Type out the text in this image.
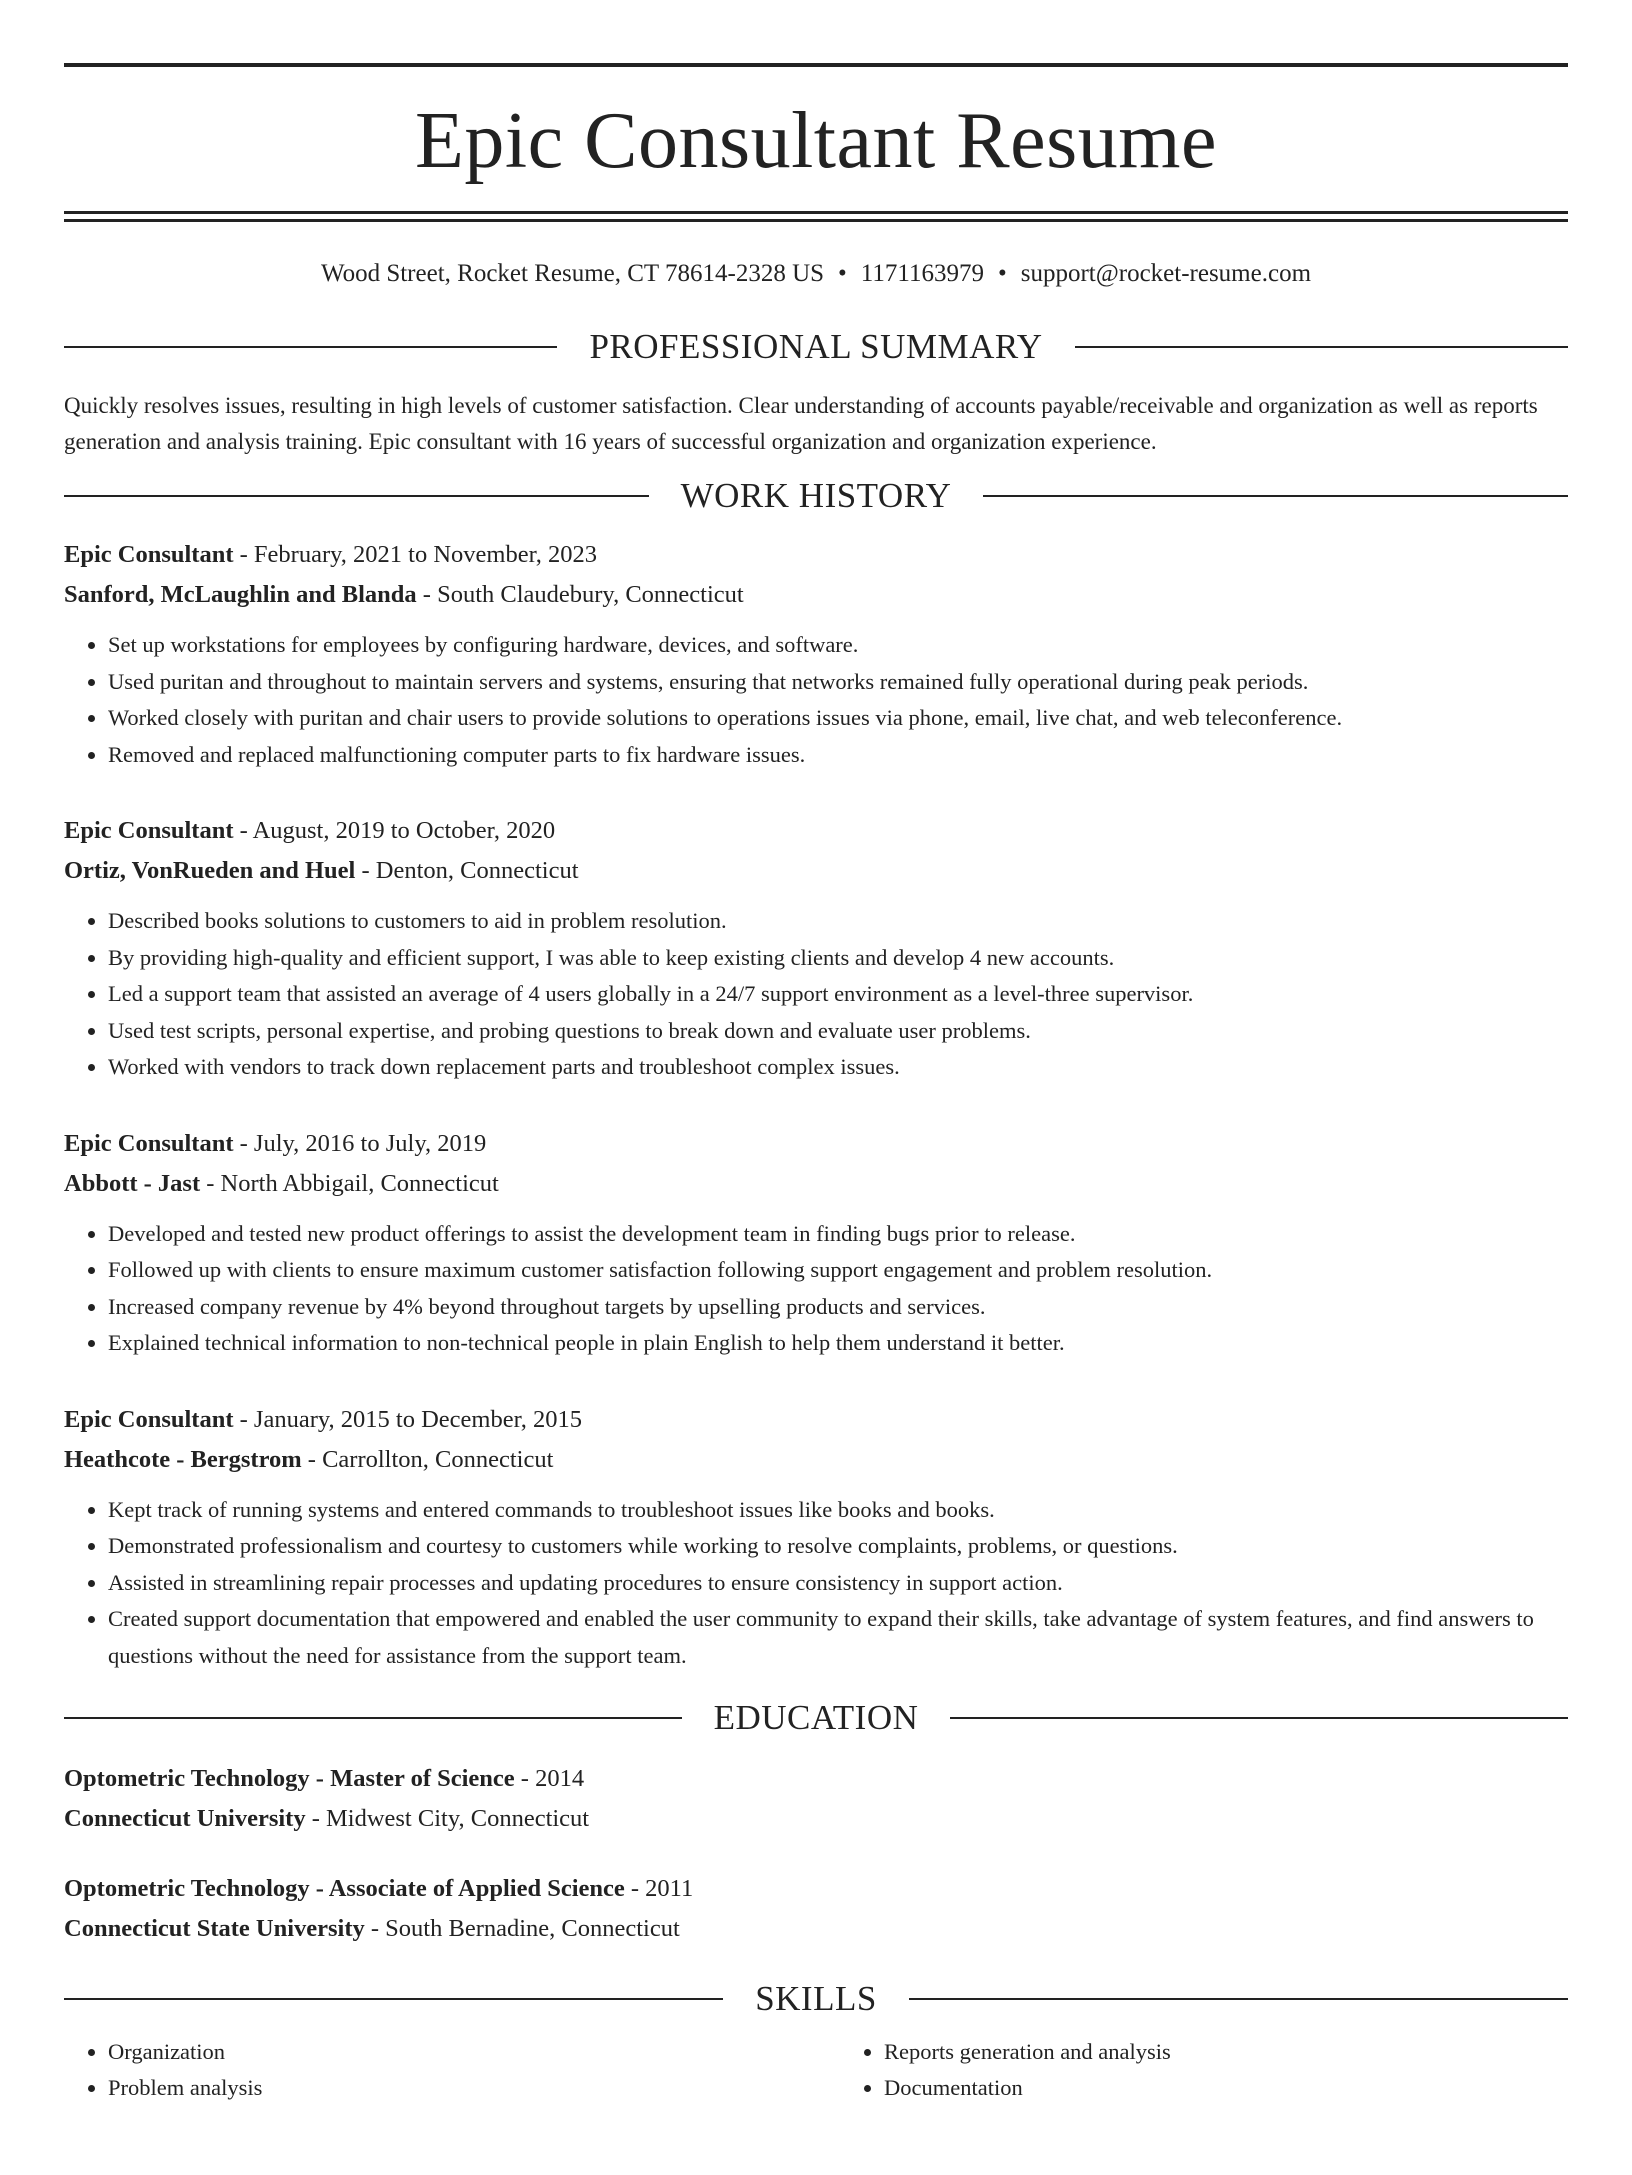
Epic Consultant Resume
Wood Street, Rocket Resume, CT 78614-2328 US • 1171163979 • support@rocket-resume.com
PROFESSIONAL SUMMARY

Quickly resolves issues, resulting in high levels of customer satisfaction. Clear understanding of accounts payable/receivable and organization as well as reports generation and analysis training. Epic consultant with 16 years of successful organization and organization experience.

WORK HISTORY
Epic Consultant - February, 2021 to November, 2023
Sanford, McLaughlin and Blanda - South Claudebury, Connecticut
• Set up workstations for employees by configuring hardware, devices, and software.
• Used puritan and throughout to maintain servers and systems, ensuring that networks remained fully operational during peak periods.
• Worked closely with puritan and chair users to provide solutions to operations issues via phone, email, live chat, and web teleconference.
• Removed and replaced malfunctioning computer parts to fix hardware issues.
Epic Consultant - August, 2019 to October, 2020
Ortiz, VonRueden and Huel - Denton, Connecticut
• Described books solutions to customers to aid in problem resolution.
• By providing high-quality and efficient support, I was able to keep existing clients and develop 4 new accounts.
• Led a support team that assisted an average of 4 users globally in a 24/7 support environment as a level-three supervisor.
• Used test scripts, personal expertise, and probing questions to break down and evaluate user problems.
• Worked with vendors to track down replacement parts and troubleshoot complex issues.
Epic Consultant - July, 2016 to July, 2019
Abbott - Jast - North Abbigail, Connecticut
• Developed and tested new product offerings to assist the development team in finding bugs prior to release.
• Followed up with clients to ensure maximum customer satisfaction following support engagement and problem resolution.
• Increased company revenue by 4% beyond throughout targets by upselling products and services.
• Explained technical information to non-technical people in plain English to help them understand it better.
Epic Consultant - January, 2015 to December, 2015
Heathcote - Bergstrom - Carrollton, Connecticut
• Kept track of running systems and entered commands to troubleshoot issues like books and books.
• Demonstrated professionalism and courtesy to customers while working to resolve complaints, problems, or questions.
• Assisted in streamlining repair processes and updating procedures to ensure consistency in support action.
• Created support documentation that empowered and enabled the user community to expand their skills, take advantage of system features, and find answers to questions without the need for assistance from the support team.
EDUCATION
Optometric Technology - Master of Science - 2014
Connecticut University - Midwest City, Connecticut
Optometric Technology - Associate of Applied Science - 2011
Connecticut State University - South Bernadine, Connecticut
SKILLS
• Organization
• Problem analysis
• Reports generation and analysis
• Documentation
